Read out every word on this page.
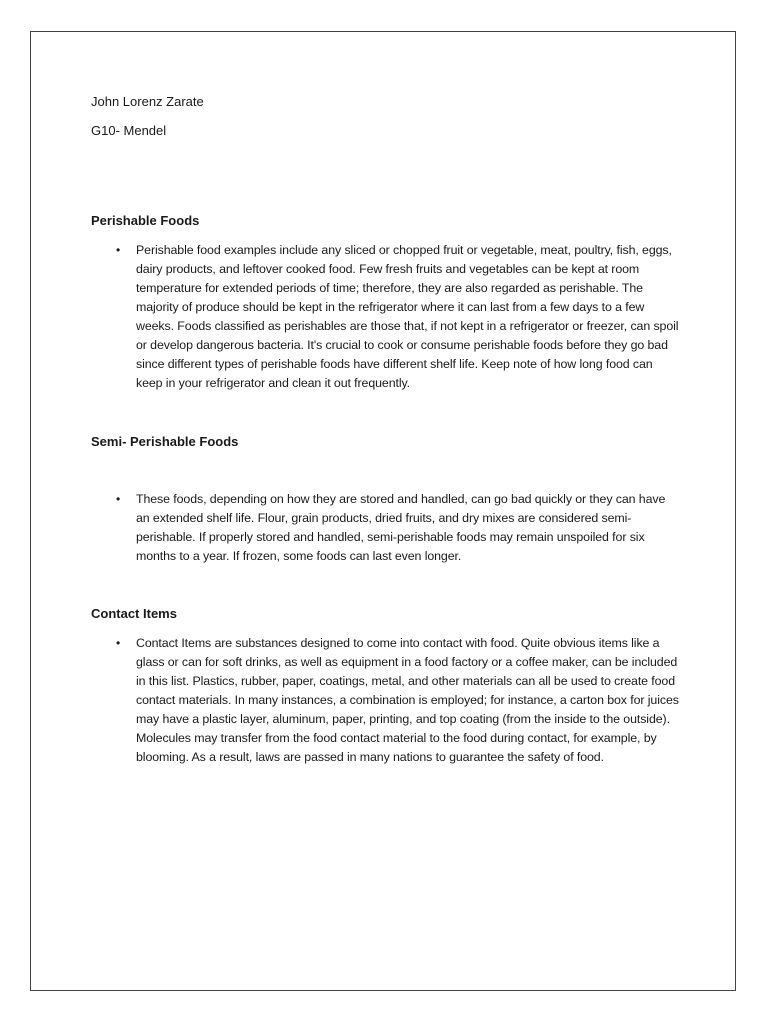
John Lorenz Zarate

G10- Mendel

Perishable Foods

• Perishable food examples include any sliced or chopped fruit or vegetable, meat, poultry, fish, eggs, dairy products, and leftover cooked food. Few fresh fruits and vegetables can be kept at room temperature for extended periods of time; therefore, they are also regarded as perishable. The majority of produce should be kept in the refrigerator where it can last from a few days to a few weeks. Foods classified as perishables are those that, if not kept in a refrigerator or freezer, can spoil or develop dangerous bacteria. It's crucial to cook or consume perishable foods before they go bad since different types of perishable foods have different shelf life. Keep note of how long food can keep in your refrigerator and clean it out frequently.

Semi- Perishable Foods

• These foods, depending on how they are stored and handled, can go bad quickly or they can have an extended shelf life. Flour, grain products, dried fruits, and dry mixes are considered semi-perishable. If properly stored and handled, semi-perishable foods may remain unspoiled for six months to a year. If frozen, some foods can last even longer.

Contact Items

• Contact Items are substances designed to come into contact with food. Quite obvious items like a glass or can for soft drinks, as well as equipment in a food factory or a coffee maker, can be included in this list. Plastics, rubber, paper, coatings, metal, and other materials can all be used to create food contact materials. In many instances, a combination is employed; for instance, a carton box for juices may have a plastic layer, aluminum, paper, printing, and top coating (from the inside to the outside).
Molecules may transfer from the food contact material to the food during contact, for example, by blooming. As a result, laws are passed in many nations to guarantee the safety of food.
